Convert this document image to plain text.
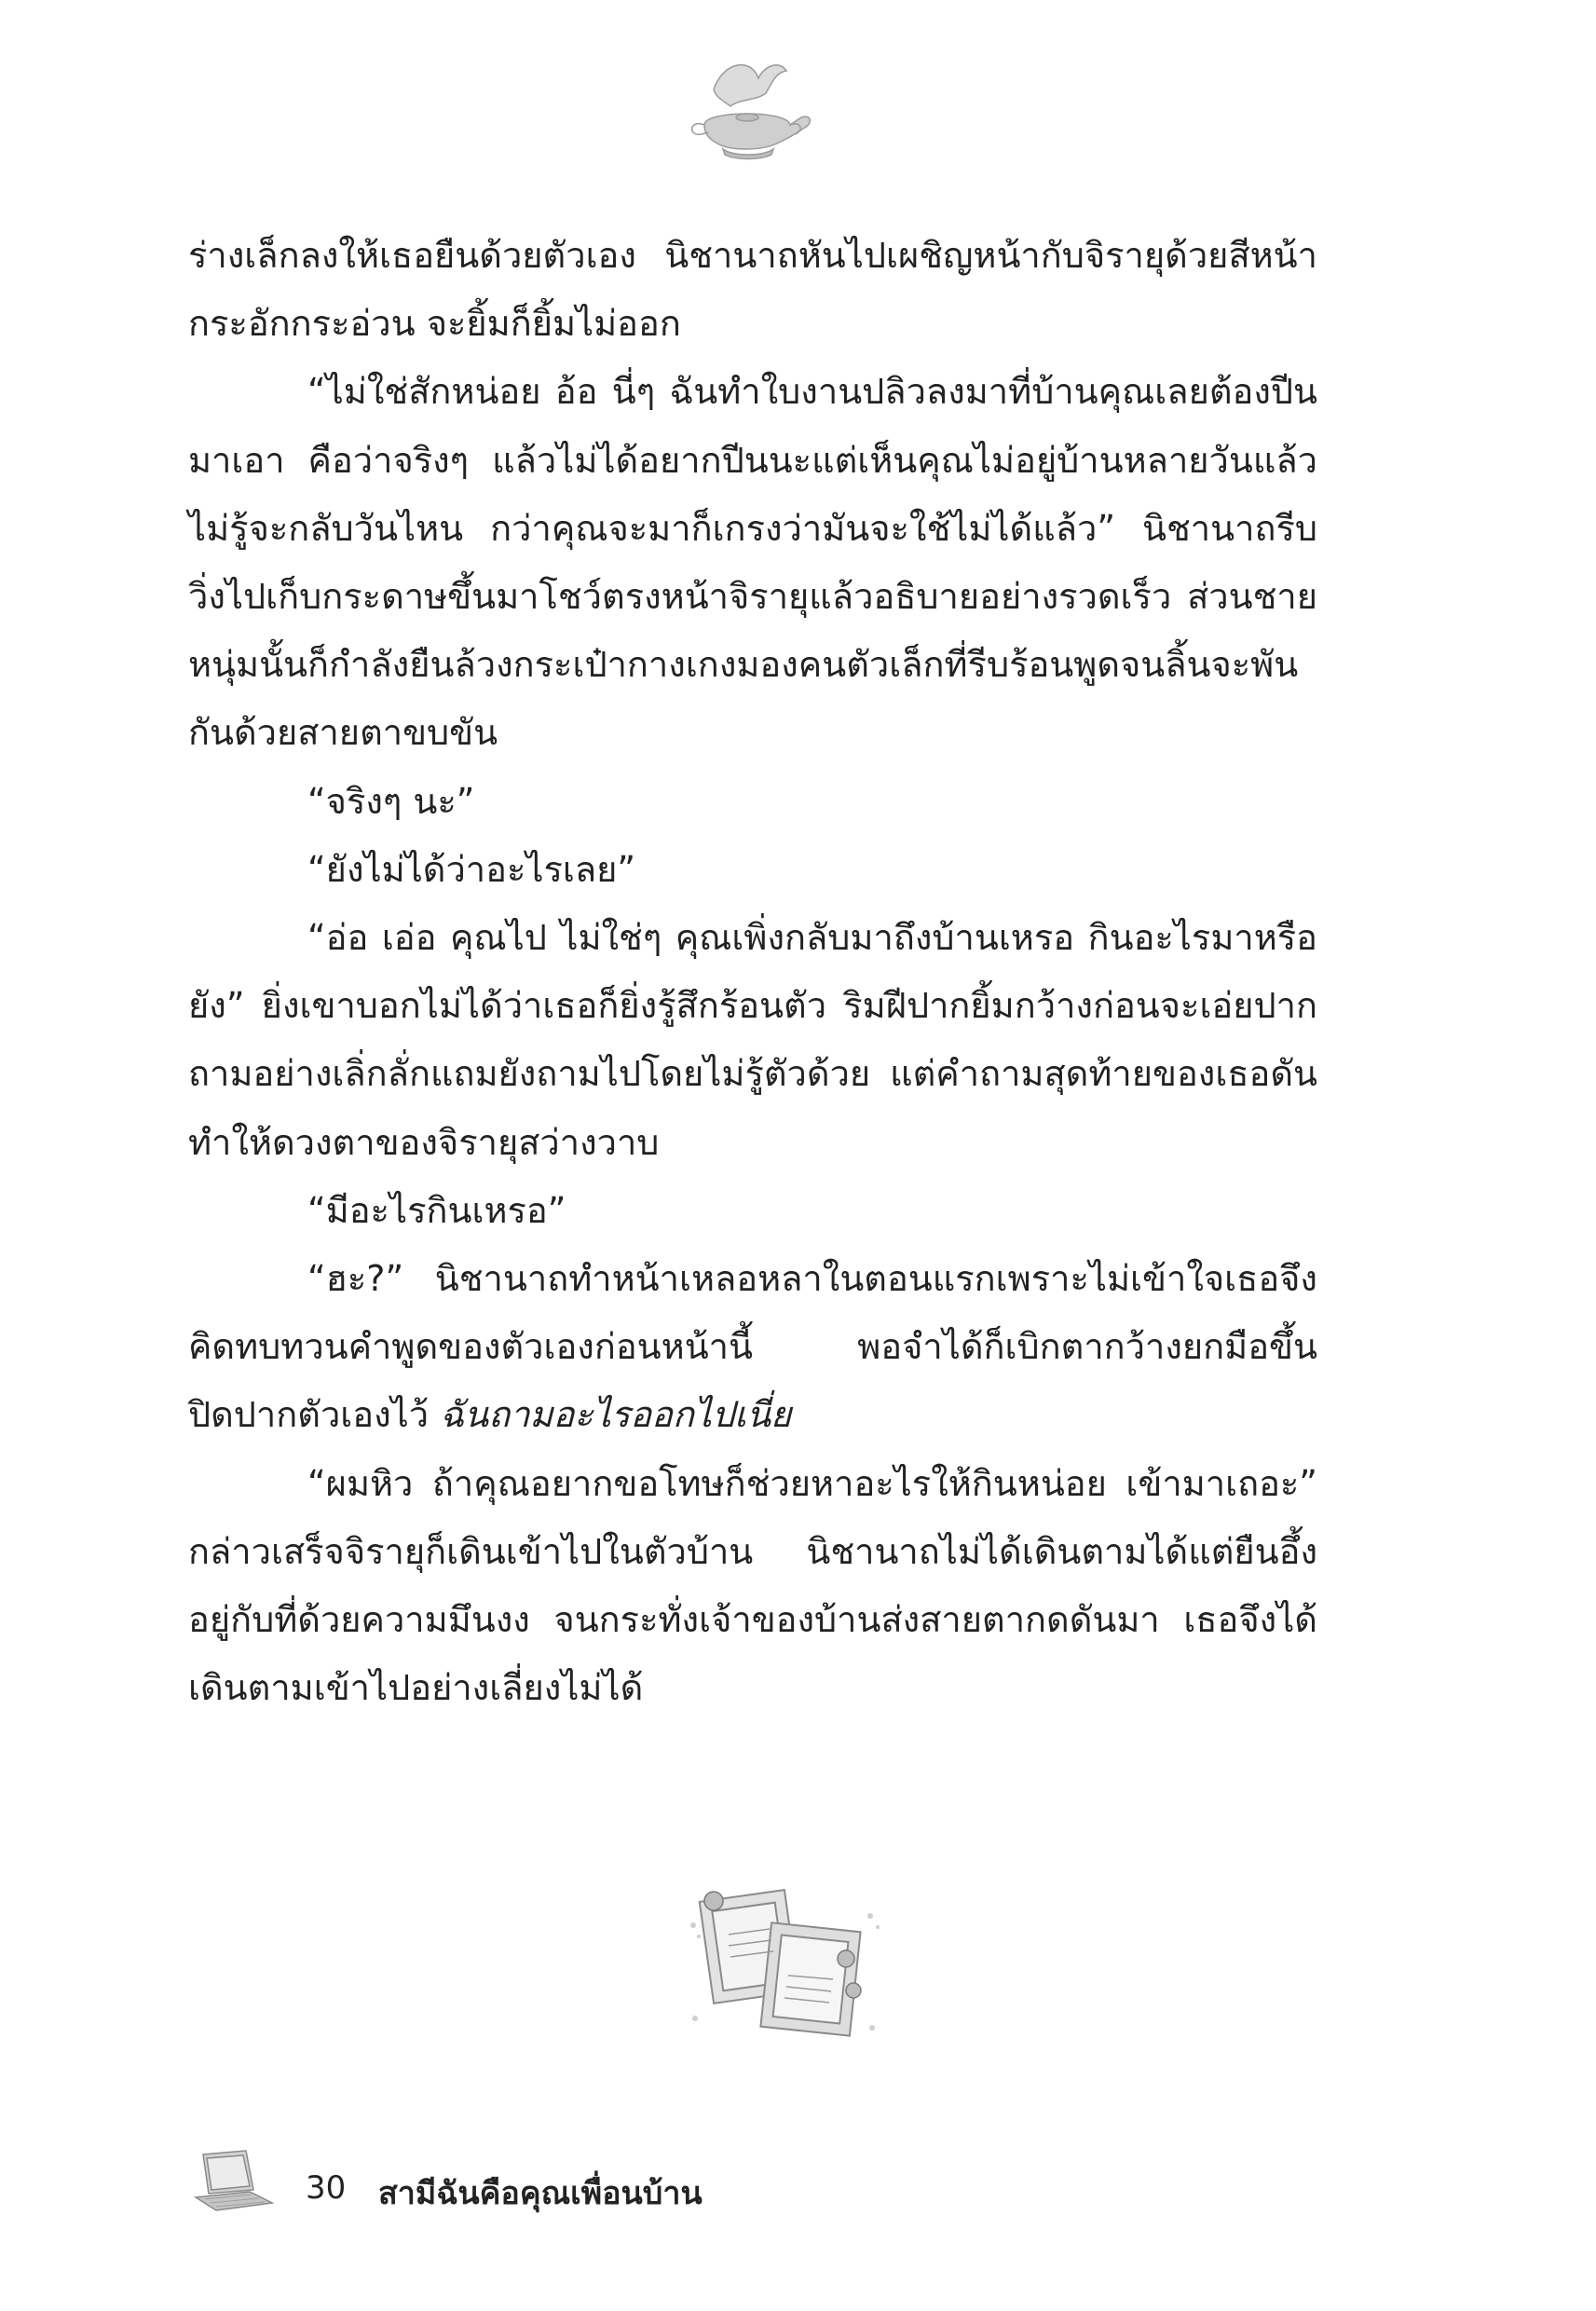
ร่างเล็กลงให้เธอยืนด้วยตัวเอง นิชานาถหันไปเผชิญหน้ากับจิรายุด้วยสีหน้ากระอักกระอ่วน จะยิ้มก็ยิ้มไม่ออก

“ไม่ใช่สักหน่อย อ้อ นี่ๆ ฉันทำใบงานปลิวลงมาที่บ้านคุณเลยต้องปีนมาเอา คือว่าจริงๆ แล้วไม่ได้อยากปีนนะแต่เห็นคุณไม่อยู่บ้านหลายวันแล้วไม่รู้จะกลับวันไหน กว่าคุณจะมาก็เกรงว่ามันจะใช้ไม่ได้แล้ว” นิชานาถรีบวิ่งไปเก็บกระดาษขึ้นมาโชว์ตรงหน้าจิรายุแล้วอธิบายอย่างรวดเร็ว ส่วนชายหนุ่มนั้นก็กำลังยืนล้วงกระเป๋ากางเกงมองคนตัวเล็กที่รีบร้อนพูดจนลิ้นจะพันกันด้วยสายตาขบขัน

“จริงๆ นะ”

“ยังไม่ได้ว่าอะไรเลย”

“อ่อ เอ่อ คุณไป ไม่ใช่ๆ คุณเพิ่งกลับมาถึงบ้านเหรอ กินอะไรมาหรือยัง” ยิ่งเขาบอกไม่ได้ว่าเธอก็ยิ่งรู้สึกร้อนตัว ริมฝีปากยิ้มกว้างก่อนจะเอ่ยปากถามอย่างเลิ่กลั่กแถมยังถามไปโดยไม่รู้ตัวด้วย แต่คำถามสุดท้ายของเธอดันทำให้ดวงตาของจิรายุสว่างวาบ

“มีอะไรกินเหรอ”

“ฮะ?” นิชานาถทำหน้าเหลอหลาในตอนแรกเพราะไม่เข้าใจเธอจึงคิดทบทวนคำพูดของตัวเองก่อนหน้านี้ พอจำได้ก็เบิกตากว้างยกมือขึ้นปิดปากตัวเองไว้ ฉันถามอะไรออกไปเนี่ย

“ผมหิว ถ้าคุณอยากขอโทษก็ช่วยหาอะไรให้กินหน่อย เข้ามาเถอะ” กล่าวเสร็จจิรายุก็เดินเข้าไปในตัวบ้าน นิชานาถไม่ได้เดินตามได้แต่ยืนอึ้งอยู่กับที่ด้วยความมึนงง จนกระทั่งเจ้าของบ้านส่งสายตากดดันมา เธอจึงได้เดินตามเข้าไปอย่างเลี่ยงไม่ได้

30 สามีฉันคือคุณเพื่อนบ้าน
